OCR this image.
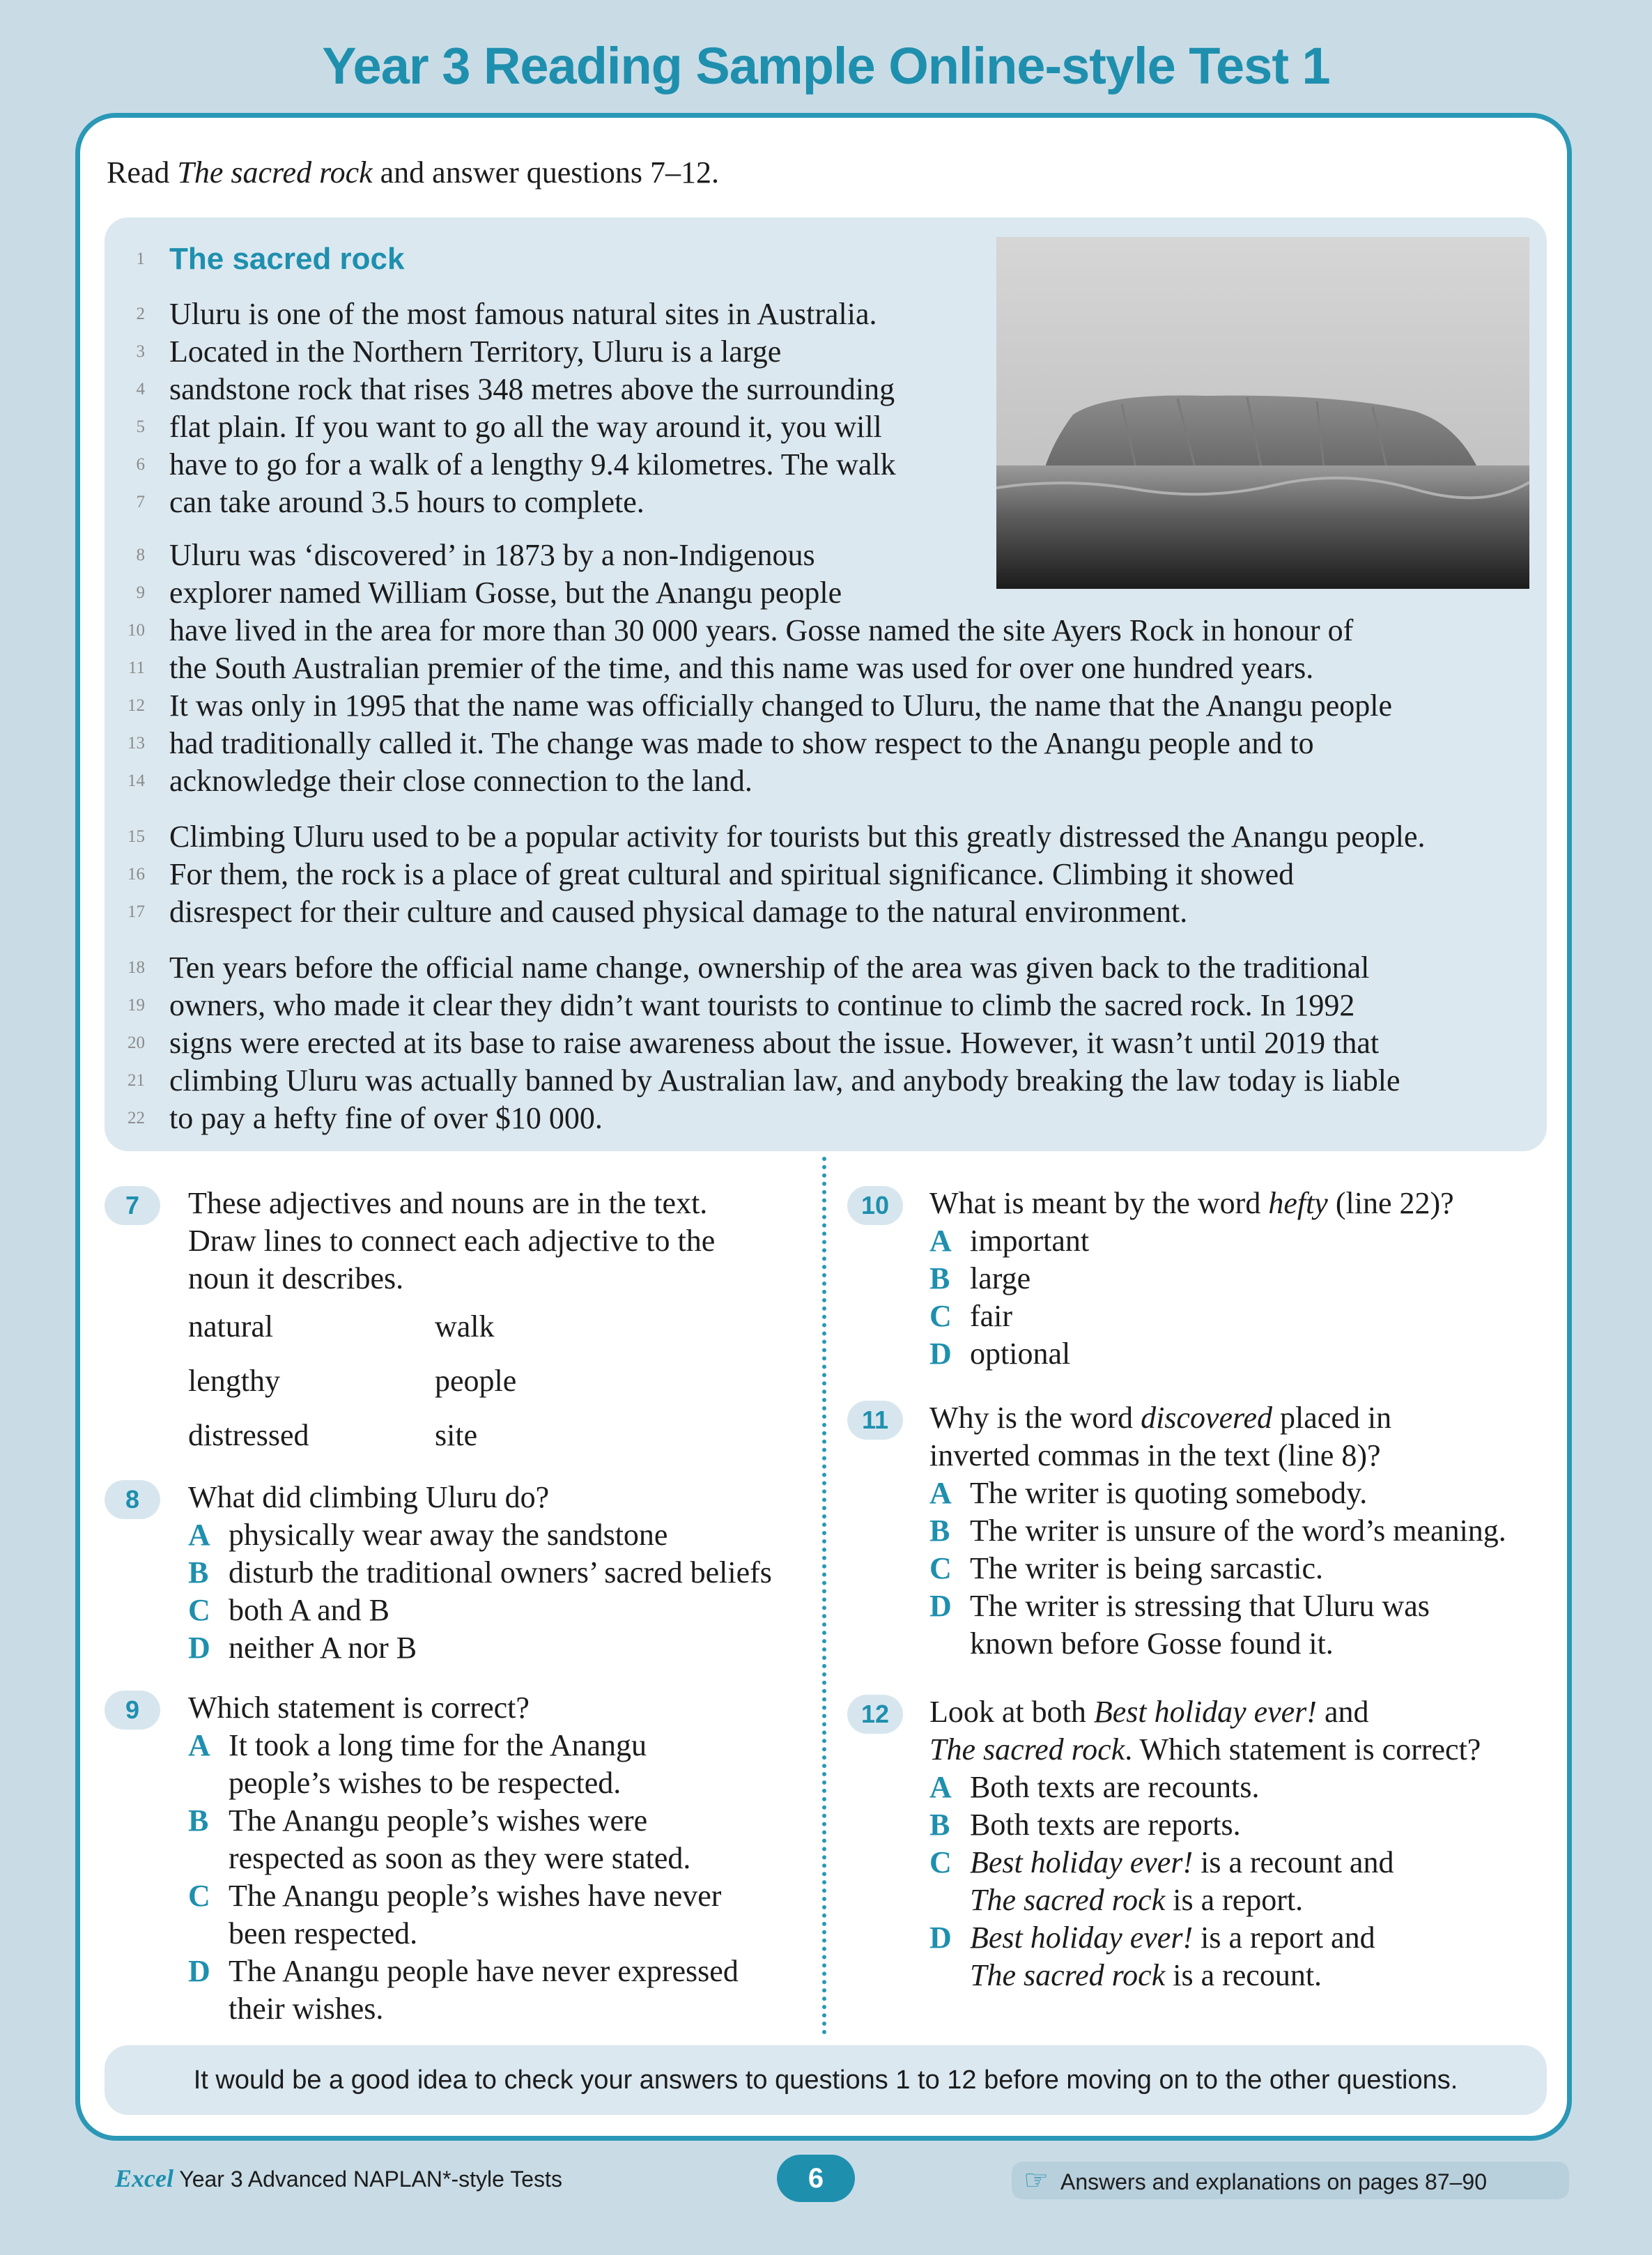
Year 3 Reading Sample Online-style Test 1
Read The sacred rock and answer questions 7–12.
1 The sacred rock
2 Uluru is one of the most famous natural sites in Australia.
3 Located in the Northern Territory, Uluru is a large
4 sandstone rock that rises 348 metres above the surrounding
5 flat plain. If you want to go all the way around it, you will
6 have to go for a walk of a lengthy 9.4 kilometres. The walk
7 can take around 3.5 hours to complete.
8 Uluru was ‘discovered’ in 1873 by a non-Indigenous
9 explorer named William Gosse, but the Anangu people
10 have lived in the area for more than 30 000 years. Gosse named the site Ayers Rock in honour of
11 the South Australian premier of the time, and this name was used for over one hundred years.
12 It was only in 1995 that the name was officially changed to Uluru, the name that the Anangu people
13 had traditionally called it. The change was made to show respect to the Anangu people and to
14 acknowledge their close connection to the land.
15 Climbing Uluru used to be a popular activity for tourists but this greatly distressed the Anangu people.
16 For them, the rock is a place of great cultural and spiritual significance. Climbing it showed
17 disrespect for their culture and caused physical damage to the natural environment.
18 Ten years before the official name change, ownership of the area was given back to the traditional
19 owners, who made it clear they didn’t want tourists to continue to climb the sacred rock. In 1992
20 signs were erected at its base to raise awareness about the issue. However, it wasn’t until 2019 that
21 climbing Uluru was actually banned by Australian law, and anybody breaking the law today is liable
22 to pay a hefty fine of over $10 000.
7	These adjectives and nouns are in the text.
Draw lines to connect each adjective to the
noun it describes.
natural	walk
lengthy	people
distressed	site
8	What did climbing Uluru do?
A physically wear away the sandstone
B disturb the traditional owners’ sacred beliefs
C both A and B
D neither A nor B
9	Which statement is correct?
A It took a long time for the Anangu
people’s wishes to be respected.
B The Anangu people’s wishes were
respected as soon as they were stated.
C The Anangu people’s wishes have never
been respected.
D The Anangu people have never expressed
their wishes.
10	What is meant by the word hefty (line 22)?
A important
B large
C fair
D optional
11	Why is the word discovered placed in
inverted commas in the text (line 8)?
A The writer is quoting somebody.
B The writer is unsure of the word’s meaning.
C The writer is being sarcastic.
D The writer is stressing that Uluru was
known before Gosse found it.
12	Look at both Best holiday ever! and
The sacred rock. Which statement is correct?
A Both texts are recounts.
B Both texts are reports.
C Best holiday ever! is a recount and
The sacred rock is a report.
D Best holiday ever! is a report and
The sacred rock is a recount.
It would be a good idea to check your answers to questions 1 to 12 before moving on to the other questions.
Excel Year 3 Advanced NAPLAN*-style Tests	6	☞ Answers and explanations on pages 87–90
